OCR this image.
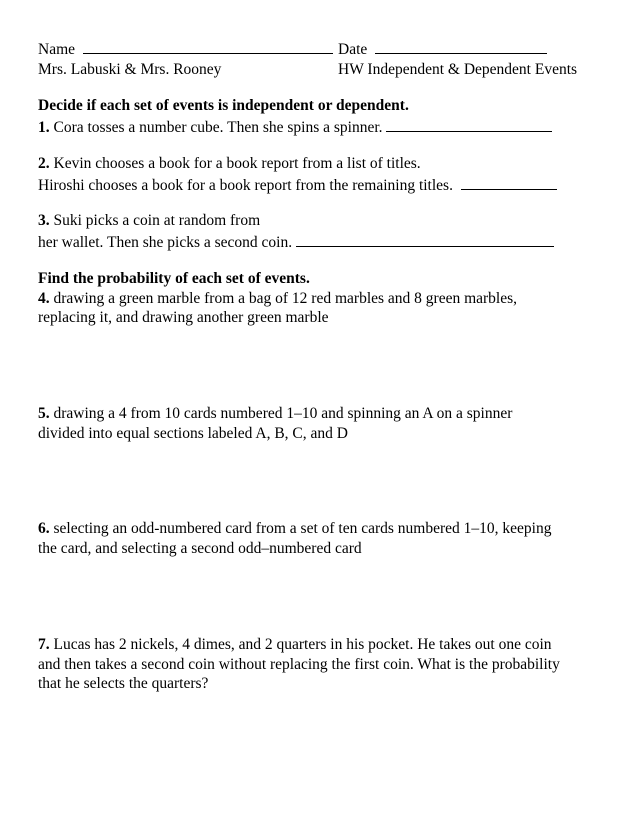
Name	Date
Mrs. Labuski & Mrs. Rooney	HW Independent & Dependent Events
Decide if each set of events is independent or dependent.
1. Cora tosses a number cube. Then she spins a spinner.
2. Kevin chooses a book for a book report from a list of titles.
Hiroshi chooses a book for a book report from the remaining titles.
3. Suki picks a coin at random from
her wallet. Then she picks a second coin.
Find the probability of each set of events.
4. drawing a green marble from a bag of 12 red marbles and 8 green marbles,
replacing it, and drawing another green marble
5. drawing a 4 from 10 cards numbered 1–10 and spinning an A on a spinner
divided into equal sections labeled A, B, C, and D
6. selecting an odd-numbered card from a set of ten cards numbered 1–10, keeping
the card, and selecting a second odd–numbered card
7. Lucas has 2 nickels, 4 dimes, and 2 quarters in his pocket. He takes out one coin
and then takes a second coin without replacing the first coin. What is the probability
that he selects the quarters?
